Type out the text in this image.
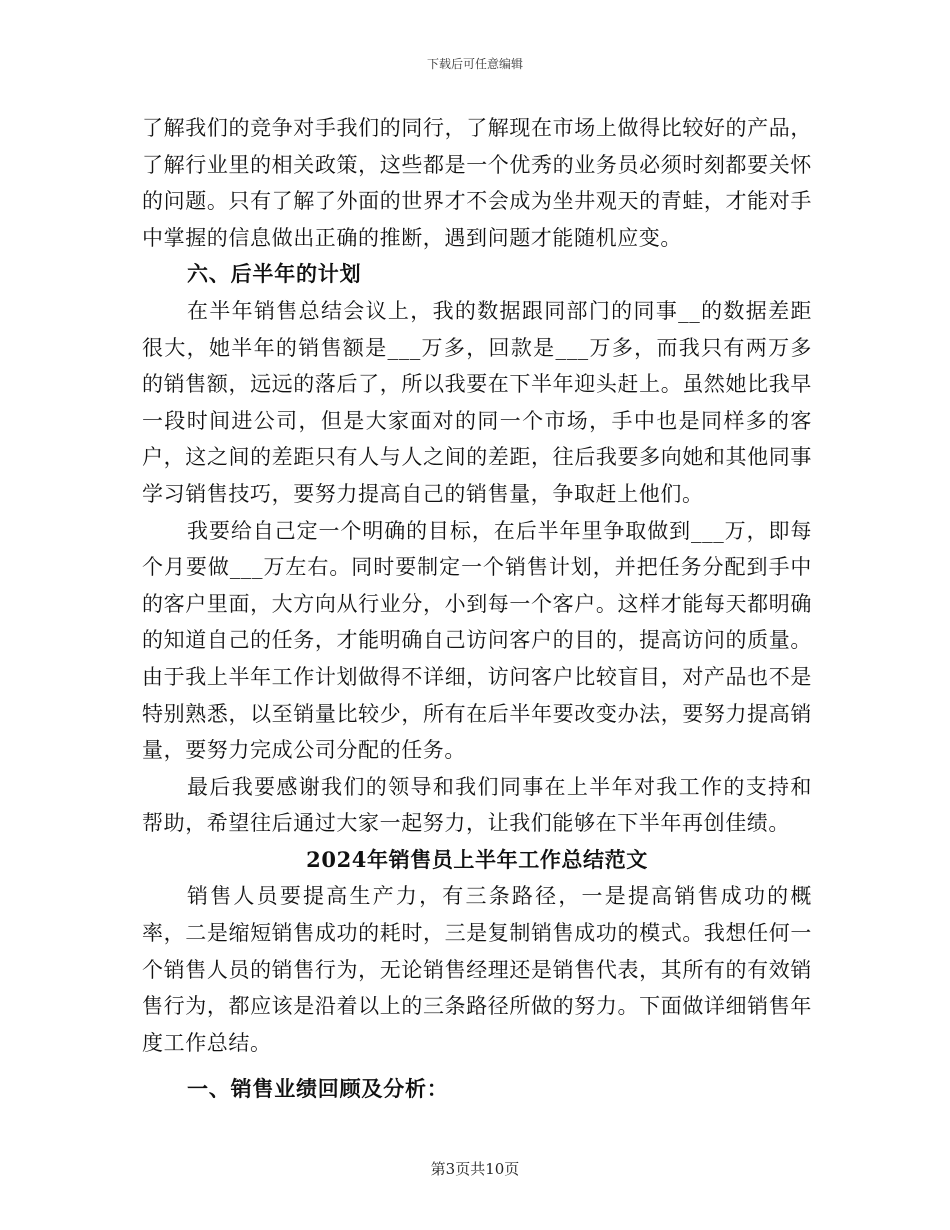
下载后可任意编辑

了解我们的竞争对手我们的同行，了解现在市场上做得比较好的产品，了解行业里的相关政策，这些都是一个优秀的业务员必须时刻都要关怀的问题。只有了解了外面的世界才不会成为坐井观天的青蛙，才能对手中掌握的信息做出正确的推断，遇到问题才能随机应变。

六、后半年的计划

在半年销售总结会议上，我的数据跟同部门的同事__的数据差距很大，她半年的销售额是___万多，回款是___万多，而我只有两万多的销售额，远远的落后了，所以我要在下半年迎头赶上。虽然她比我早一段时间进公司，但是大家面对的同一个市场，手中也是同样多的客户，这之间的差距只有人与人之间的差距，往后我要多向她和其他同事学习销售技巧，要努力提高自己的销售量，争取赶上他们。

我要给自己定一个明确的目标，在后半年里争取做到___万，即每个月要做___万左右。同时要制定一个销售计划，并把任务分配到手中的客户里面，大方向从行业分，小到每一个客户。这样才能每天都明确的知道自己的任务，才能明确自己访问客户的目的，提高访问的质量。由于我上半年工作计划做得不详细，访问客户比较盲目，对产品也不是特别熟悉，以至销量比较少，所有在后半年要改变办法，要努力提高销量，要努力完成公司分配的任务。

最后我要感谢我们的领导和我们同事在上半年对我工作的支持和帮助，希望往后通过大家一起努力，让我们能够在下半年再创佳绩。

2024年销售员上半年工作总结范文

销售人员要提高生产力，有三条路径，一是提高销售成功的概率，二是缩短销售成功的耗时，三是复制销售成功的模式。我想任何一个销售人员的销售行为，无论销售经理还是销售代表，其所有的有效销售行为，都应该是沿着以上的三条路径所做的努力。下面做详细销售年度工作总结。

一、销售业绩回顾及分析：

第3页共10页
